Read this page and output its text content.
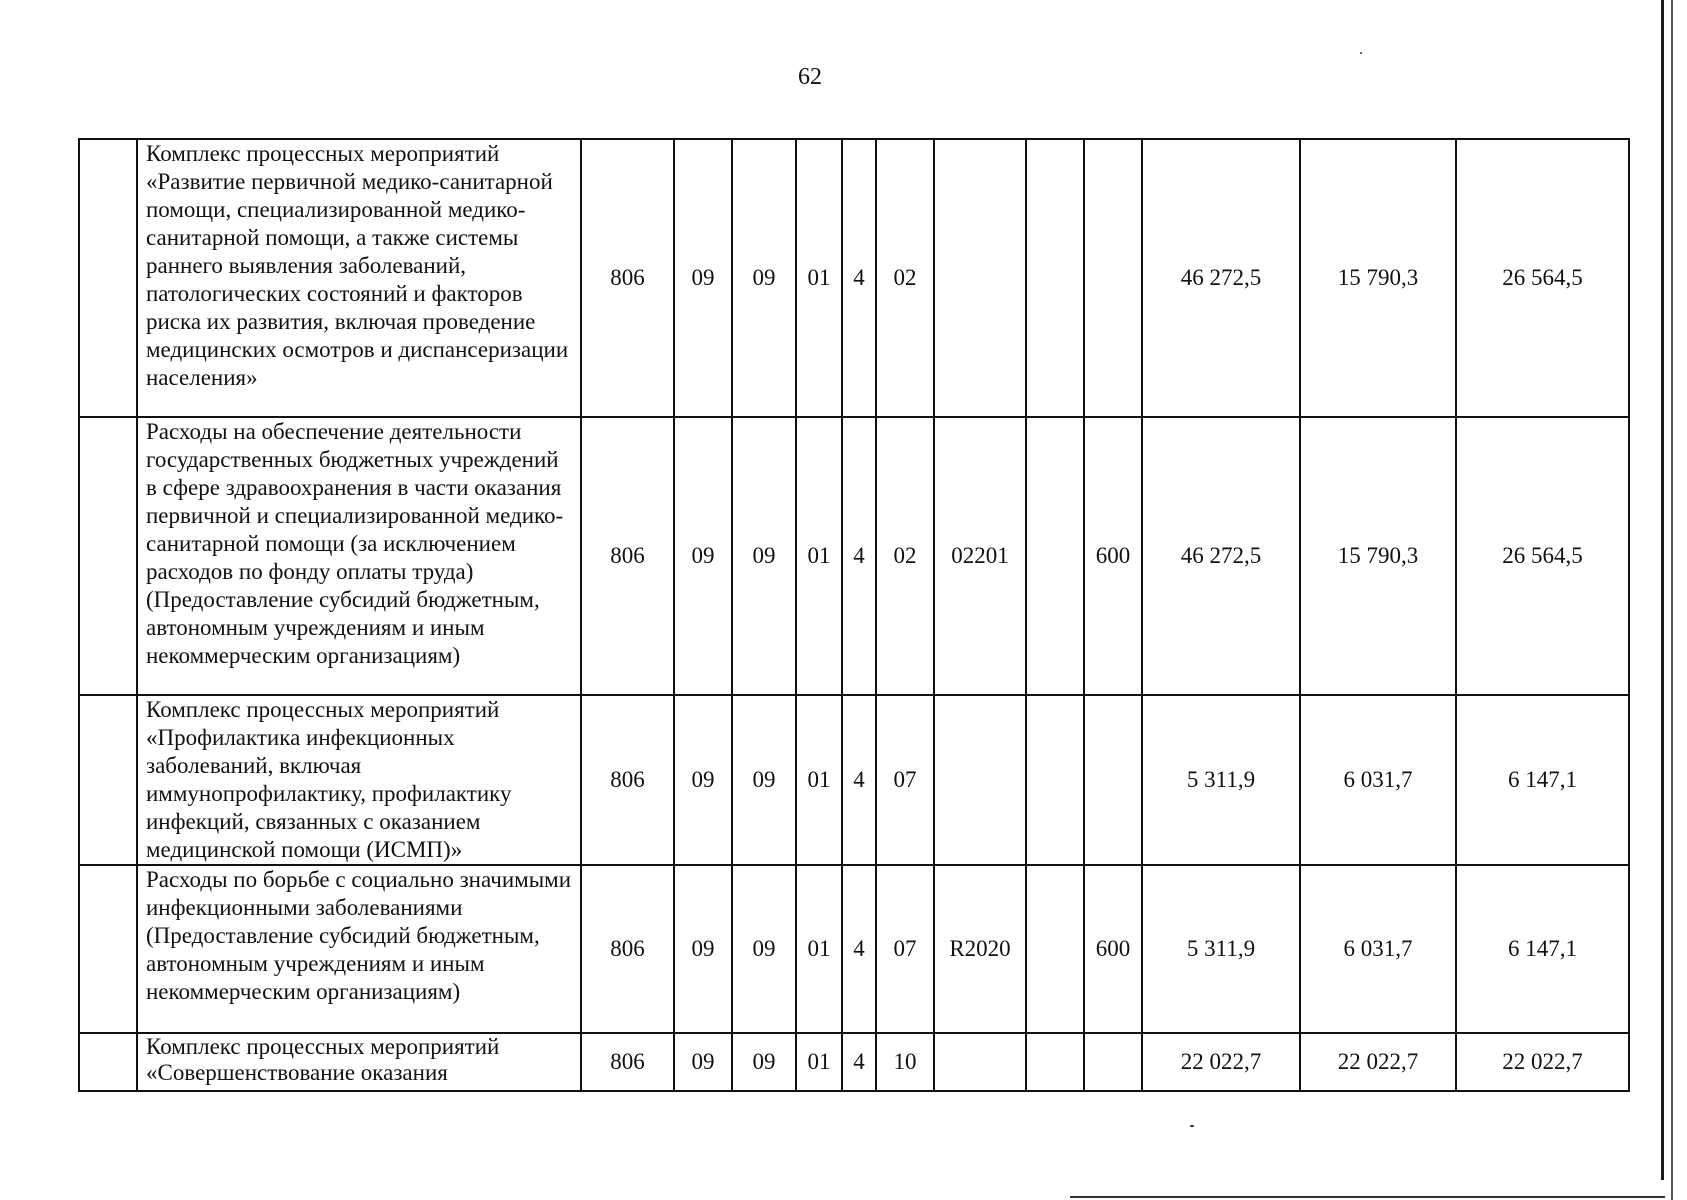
62
	Комплекс процессных мероприятий «Развитие первичной медико-санитарной помощи, специализированной медико-санитарной помощи, а также системы раннего выявления заболеваний, патологических состояний и факторов риска их развития, включая проведение медицинских осмотров и диспансеризации населения»	806	09	09	01	4	02				46 272,5	15 790,3	26 564,5
	Расходы на обеспечение деятельности государственных бюджетных учреждений в сфере здравоохранения в части оказания первичной и специализированной медико-санитарной помощи (за исключением расходов по фонду оплаты труда) (Предоставление субсидий бюджетным, автономным учреждениям и иным некоммерческим организациям)	806	09	09	01	4	02	02201		600	46 272,5	15 790,3	26 564,5
	Комплекс процессных мероприятий «Профилактика инфекционных заболеваний, включая иммунопрофилактику, профилактику инфекций, связанных с оказанием медицинской помощи (ИСМП)»	806	09	09	01	4	07				5 311,9	6 031,7	6 147,1
	Расходы по борьбе с социально значимыми инфекционными заболеваниями (Предоставление субсидий бюджетным, автономным учреждениям и иным некоммерческим организациям)	806	09	09	01	4	07	R2020		600	5 311,9	6 031,7	6 147,1
	Комплекс процессных мероприятий «Совершенствование оказания	806	09	09	01	4	10				22 022,7	22 022,7	22 022,7
